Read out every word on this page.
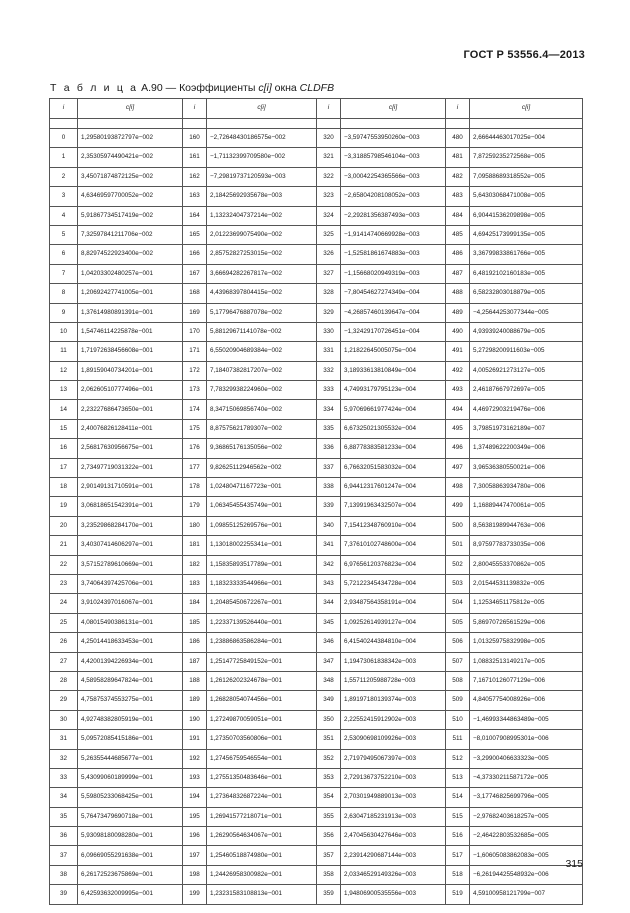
ГОСТ Р 53556.4—2013
Т а б л и ц а А.90 — Коэффициенты c[i] окна CLDFB
i	c[i]	i	c[i]	i	c[i]	i	c[i]

0	1,29580193872797e−002	160	−2,72648430186575e−002	320	−3,59747553950260e−003	480	2,66644463017025e−004
1	2,35305974490421e−002	161	−1,71132399709580e−002	321	−3,31885798546104e−003	481	7,87259235272568e−005
2	3,45071874872125e−002	162	−7,29819737120593e−003	322	−3,00042254365566e−003	482	7,09588689318552e−005
3	4,63469597700052e−002	163	2,18425692935678e−003	323	−2,65804208108052e−003	483	5,64303068471008e−005
4	5,91867734517419e−002	164	1,13232404737214e−002	324	−2,29281356387493e−003	484	6,90441536209898e−005
5	7,32597841211706e−002	165	2,01223699075490e−002	325	−1,91414740669928e−003	485	4,69425173999135e−005
6	8,82974522923400e−002	166	2,85752827253015e−002	326	−1,52581861674883e−003	486	3,36799833861766e−005
7	1,04203302480257e−001	167	3,66694282267817e−002	327	−1,15668020949319e−003	487	6,48192102160183e−005
8	1,20692427741005e−001	168	4,43968397804415e−002	328	−7,80454627274349e−004	488	6,58232803018879e−005
9	1,37614980891391e−001	169	5,17796476887078e−002	329	−4,26857460139647e−004	489	−4,25644253077344e−005
10	1,54746114225878e−001	170	5,88129671141078e−002	330	−1,32429170726451e−004	490	4,93939240088679e−005
11	1,71972638456608e−001	171	6,55020904689384e−002	331	1,21822645005075e−004	491	5,27298200911603e−005
12	1,89159040734201e−001	172	7,18407382817207e−002	332	3,18933613810849e−004	492	4,00526921273127e−005
13	2,06260510777496e−001	173	7,78329938224960e−002	333	4,74993179795123e−004	493	2,46187667972697e−005
14	2,23227686473650e−001	174	8,34715069856740e−002	334	5,97069661977424e−004	494	4,46972903219476e−006
15	2,40076826128411e−001	175	8,87575621789307e−002	335	6,67325021305532e−004	495	3,79851973162189e−007
16	2,56817630956675e−001	176	9,36865176135056e−002	336	6,88778383581233e−004	496	1,37489622200349e−006
17	2,73497719031322e−001	177	9,82625112946562e−002	337	6,76632051583032e−004	497	3,96536380550021e−006
18	2,90149131710591e−001	178	1,02480471167723e−001	338	6,94412317601247e−004	498	7,30058863934780e−006
19	3,06818651542391e−001	179	1,06345455435749e−001	339	7,13991963432507e−004	499	1,16889447470061e−005
20	3,23529868284170e−001	180	1,09855125269576e−001	340	7,15412348760910e−004	500	8,56381989944763e−006
21	3,40307414606297e−001	181	1,13018002255341e−001	341	7,37610102748600e−004	501	8,97597783733035e−006
22	3,57152789610669e−001	182	1,15835893517789e−001	342	6,97656120376823e−004	502	2,80045553370862e−005
23	3,74064397425706e−001	183	1,18323333544966e−001	343	5,72122345434728e−004	503	2,01544531139832e−005
24	3,91024397016067e−001	184	1,20485450672267e−001	344	2,93487564358191e−004	504	1,12534651175812e−005
25	4,08015490386131e−001	185	1,22337139526440e−001	345	1,09252614939127e−004	505	5,86970726561529e−006
26	4,25014418633453e−001	186	1,23886863586284e−001	346	6,41540244384810e−004	506	1,01325975832998e−005
27	4,42001394226934e−001	187	1,25147725849152e−001	347	1,19473061838342e−003	507	1,08832513149217e−005
28	4,58958289647824e−001	188	1,26126202324678e−001	348	1,55711205988728e−003	508	7,16710126077129e−006
29	4,75875374553275e−001	189	1,26828054074456e−001	349	1,89197180139374e−003	509	4,84057754008926e−006
30	4,92748382805919e−001	190	1,27249870059051e−001	350	2,22552415912902e−003	510	−1,46993344863489e−005
31	5,09572085415186e−001	191	1,27350703560806e−001	351	2,53090698109926e−003	511	−8,01007908995301e−006
32	5,26355444685677e−001	192	1,27456759546554e−001	352	2,71979495067397e−003	512	−3,29900406633323e−005
33	5,43099060189999e−001	193	1,27551350483646e−001	353	2,72913673752210e−003	513	−4,37330211587172e−005
34	5,59805233068425e−001	194	1,27364832687224e−001	354	2,70301949889013e−003	514	−3,17746825699796e−005
35	5,76473479690718e−001	195	1,26941577218071e−001	355	2,63047185231913e−003	515	−2,97682403618257e−005
36	5,93098180098280e−001	196	1,26290564634067e−001	356	2,47045630427646e−003	516	−2,46422803532685e−005
37	6,09669055291638e−001	197	1,25460518874980e−001	357	2,23914290687144e−003	517	−1,60605083862083e−005
38	6,26172523675869e−001	198	1,24426958300982e−001	358	2,03346529149326e−003	518	−6,26194425548932e−006
39	6,42593632009995e−001	199	1,23231583108813e−001	359	1,94806900535556e−003	519	4,59100958121799e−007
315
